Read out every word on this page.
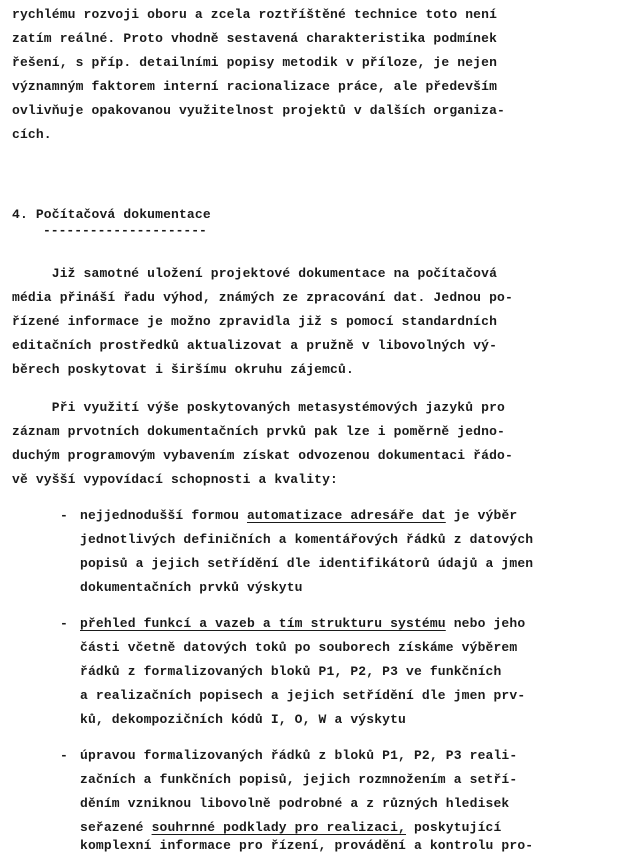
rychlému rozvoji oboru a zcela roztříštěné technice toto není
zatím reálné. Proto vhodně sestavená charakteristika podmínek
řešení, s příp. detailními popisy metodik v příloze, je nejen
významným faktorem interní racionalizace práce, ale především
ovlivňuje opakovanou využitelnost projektů v dalších organiza-
cích.
4. Počítačová dokumentace
---------------------
Již samotné uložení projektové dokumentace na počítačová
média přináší řadu výhod, známých ze zpracování dat. Jednou po-
řízené informace je možno zpravidla již s pomocí standardních
editačních prostředků aktualizovat a pružně v libovolných vý-
běrech poskytovat i širšímu okruhu zájemců.
Při využití výše poskytovaných metasystémových jazyků pro
záznam prvotních dokumentačních prvků pak lze i poměrně jedno-
duchým programovým vybavením získat odvozenou dokumentaci řádo-
vě vyšší vypovídací schopnosti a kvality:
- nejjednodušší formou automatizace adresáře dat je výběr
jednotlivých definičních a komentářových řádků z datových
popisů a jejich setřídění dle identifikátorů údajů a jmen
dokumentačních prvků výskytu
- přehled funkcí a vazeb a tím strukturu systému nebo jeho
části včetně datových toků po souborech získáme výběrem
řádků z formalizovaných bloků P1, P2, P3 ve funkčních
a realizačních popisech a jejich setřídění dle jmen prv-
ků, dekompozičních kódů I, O, W a výskytu
- úpravou formalizovaných řádků z bloků P1, P2, P3 reali-
začních a funkčních popisů, jejich rozmnožením a setří-
děním vzniknou libovolně podrobné a z různých hledisek
seřazené souhrnné podklady pro realizaci, poskytující
komplexní informace pro řízení, provádění a kontrolu pro-
